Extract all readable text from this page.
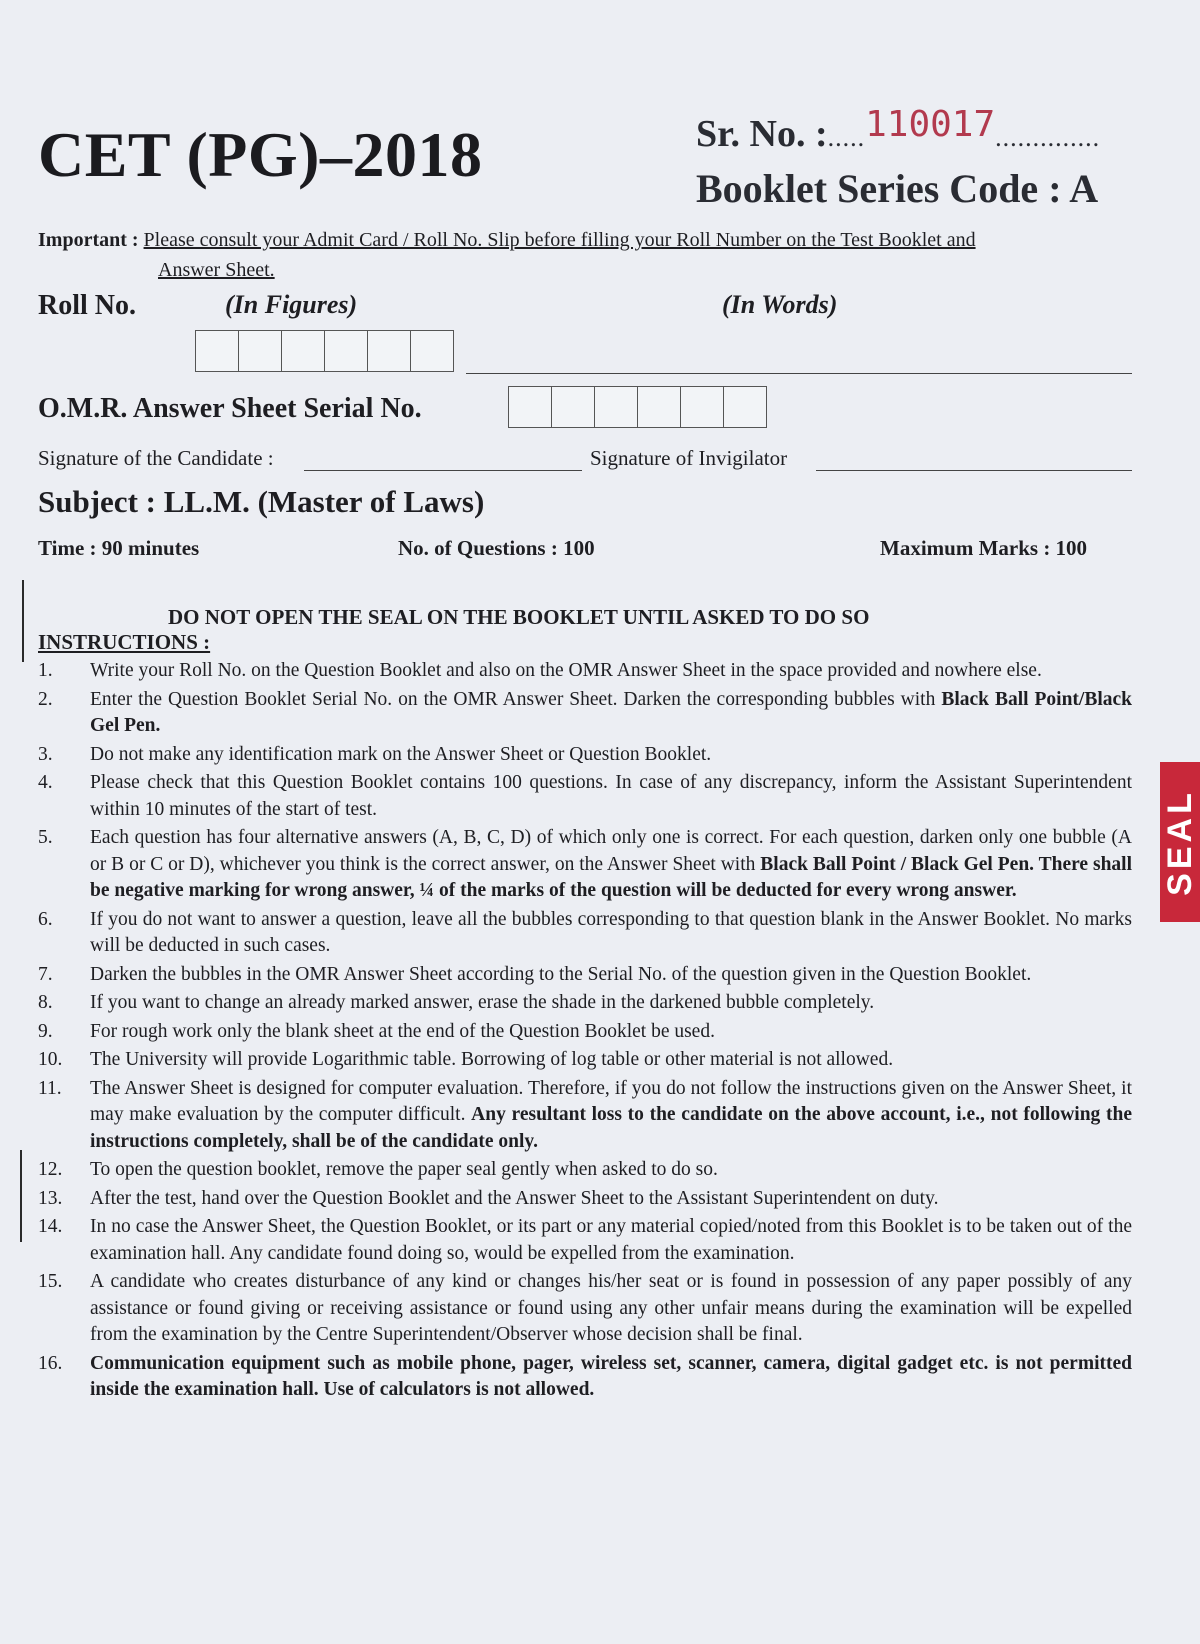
CET (PG)–2018	Sr. No. :.....110017..............
Booklet Series Code : A
Important : Please consult your Admit Card / Roll No. Slip before filling your Roll Number on the Test Booklet and
Answer Sheet.
Roll No.	(In Figures)	(In Words)
O.M.R. Answer Sheet Serial No.
Signature of the Candidate :	Signature of Invigilator
Subject : LL.M. (Master of Laws)
Time : 90 minutes	No. of Questions : 100	Maximum Marks : 100
DO NOT OPEN THE SEAL ON THE BOOKLET UNTIL ASKED TO DO SO
INSTRUCTIONS :
1. Write your Roll No. on the Question Booklet and also on the OMR Answer Sheet in the space provided and nowhere else.
2. Enter the Question Booklet Serial No. on the OMR Answer Sheet. Darken the corresponding bubbles with Black Ball Point/Black Gel Pen.
3. Do not make any identification mark on the Answer Sheet or Question Booklet.
4. Please check that this Question Booklet contains 100 questions. In case of any discrepancy, inform the Assistant Superintendent within 10 minutes of the start of test.
5. Each question has four alternative answers (A, B, C, D) of which only one is correct. For each question, darken only one bubble (A or B or C or D), whichever you think is the correct answer, on the Answer Sheet with Black Ball Point / Black Gel Pen. There shall be negative marking for wrong answer, ¼ of the marks of the question will be deducted for every wrong answer.
6. If you do not want to answer a question, leave all the bubbles corresponding to that question blank in the Answer Booklet. No marks will be deducted in such cases.
7. Darken the bubbles in the OMR Answer Sheet according to the Serial No. of the question given in the Question Booklet.
8. If you want to change an already marked answer, erase the shade in the darkened bubble completely.
9. For rough work only the blank sheet at the end of the Question Booklet be used.
10. The University will provide Logarithmic table. Borrowing of log table or other material is not allowed.
11. The Answer Sheet is designed for computer evaluation. Therefore, if you do not follow the instructions given on the Answer Sheet, it may make evaluation by the computer difficult. Any resultant loss to the candidate on the above account, i.e., not following the instructions completely, shall be of the candidate only.
12. To open the question booklet, remove the paper seal gently when asked to do so.
13. After the test, hand over the Question Booklet and the Answer Sheet to the Assistant Superintendent on duty.
14. In no case the Answer Sheet, the Question Booklet, or its part or any material copied/noted from this Booklet is to be taken out of the examination hall. Any candidate found doing so, would be expelled from the examination.
15. A candidate who creates disturbance of any kind or changes his/her seat or is found in possession of any paper possibly of any assistance or found giving or receiving assistance or found using any other unfair means during the examination will be expelled from the examination by the Centre Superintendent/Observer whose decision shall be final.
16. Communication equipment such as mobile phone, pager, wireless set, scanner, camera, digital gadget etc. is not permitted inside the examination hall. Use of calculators is not allowed.
SEAL
